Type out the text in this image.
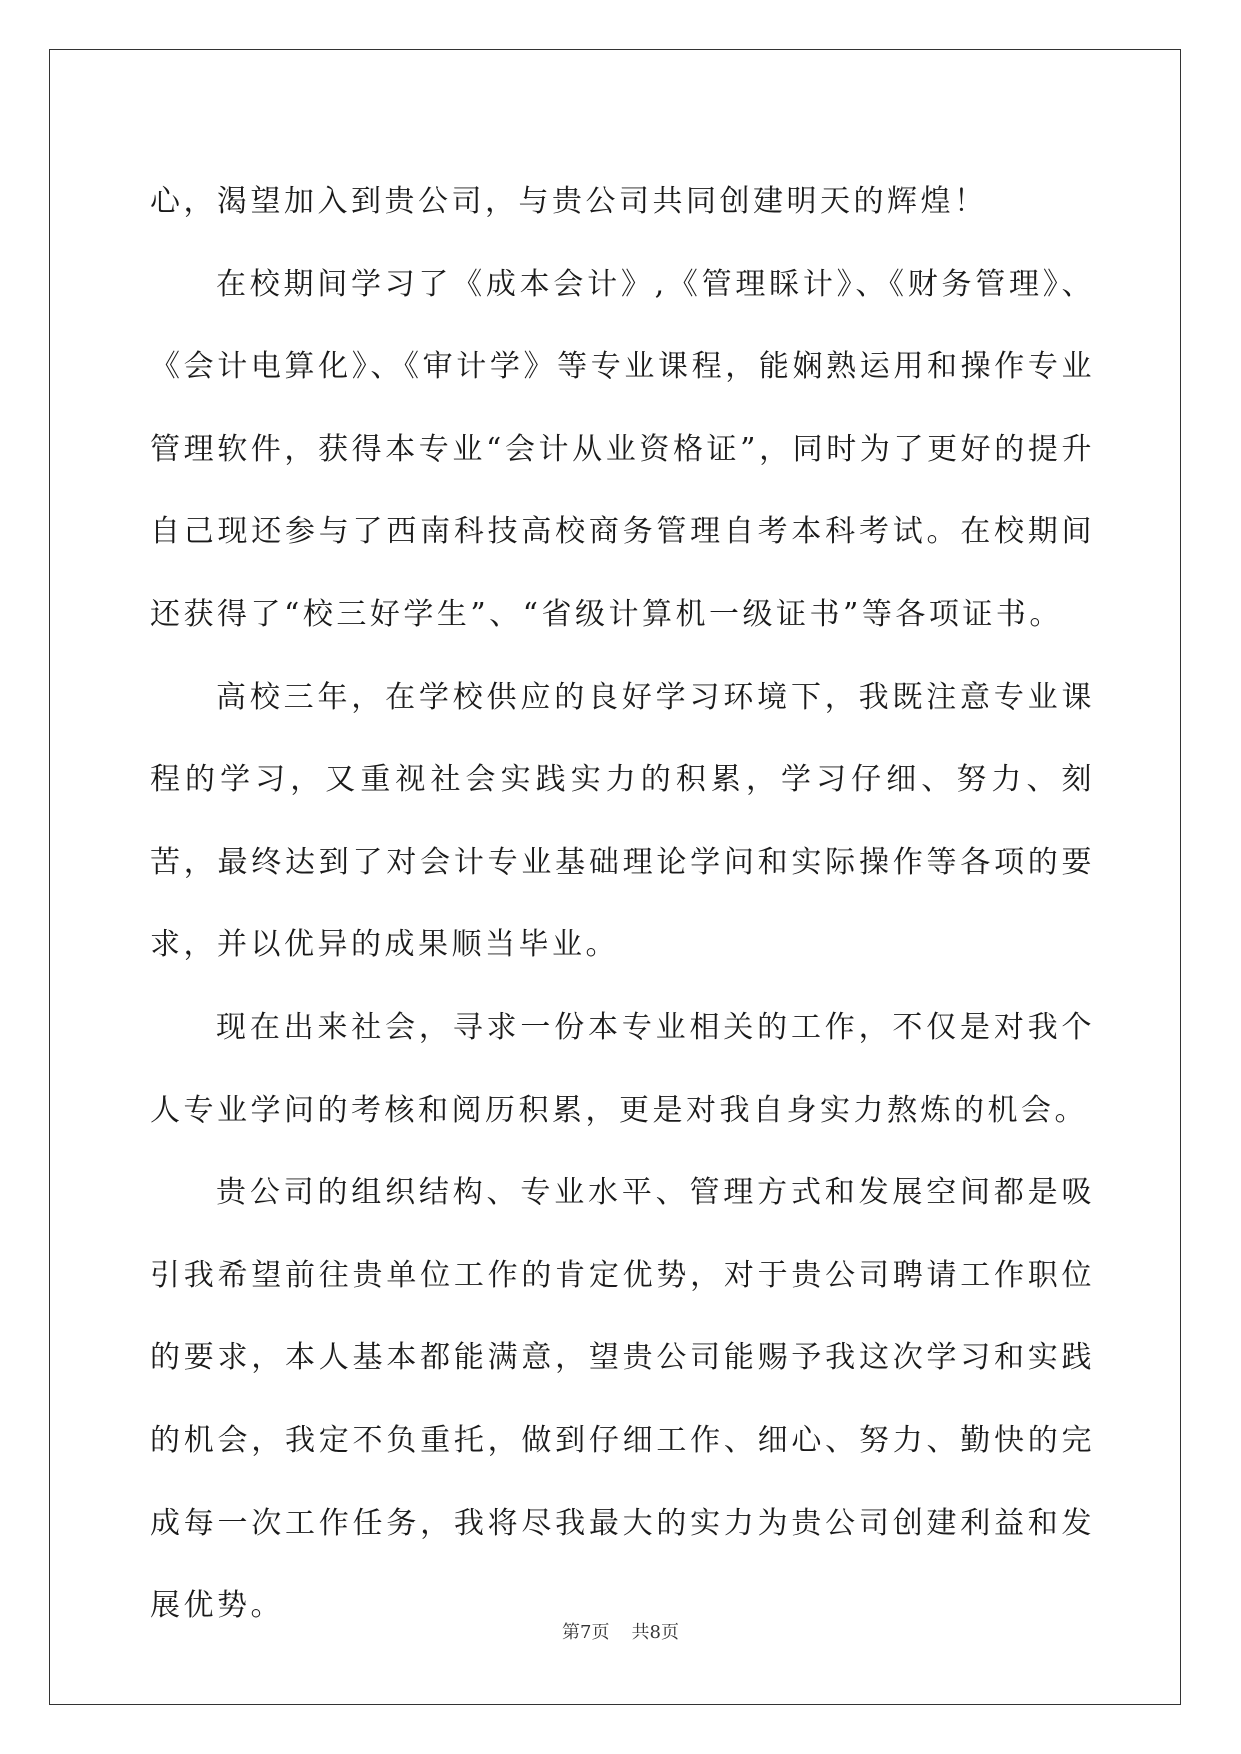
心，渴望加入到贵公司，与贵公司共同创建明天的辉煌！

在校期间学习了《成本会计》,《管理睬计》、《财务管理》、《会计电算化》、《审计学》等专业课程，能娴熟运用和操作专业管理软件，获得本专业“会计从业资格证”，同时为了更好的提升自己现还参与了西南科技高校商务管理自考本科考试。在校期间还获得了“校三好学生”、“省级计算机一级证书”等各项证书。

高校三年，在学校供应的良好学习环境下，我既注意专业课程的学习，又重视社会实践实力的积累，学习仔细、努力、刻苦，最终达到了对会计专业基础理论学问和实际操作等各项的要求，并以优异的成果顺当毕业。

现在出来社会，寻求一份本专业相关的工作，不仅是对我个人专业学问的考核和阅历积累，更是对我自身实力熬炼的机会。

贵公司的组织结构、专业水平、管理方式和发展空间都是吸引我希望前往贵单位工作的肯定优势，对于贵公司聘请工作职位的要求，本人基本都能满意，望贵公司能赐予我这次学习和实践的机会，我定不负重托，做到仔细工作、细心、努力、勤快的完成每一次工作任务，我将尽我最大的实力为贵公司创建利益和发展优势。

第7页 共8页
